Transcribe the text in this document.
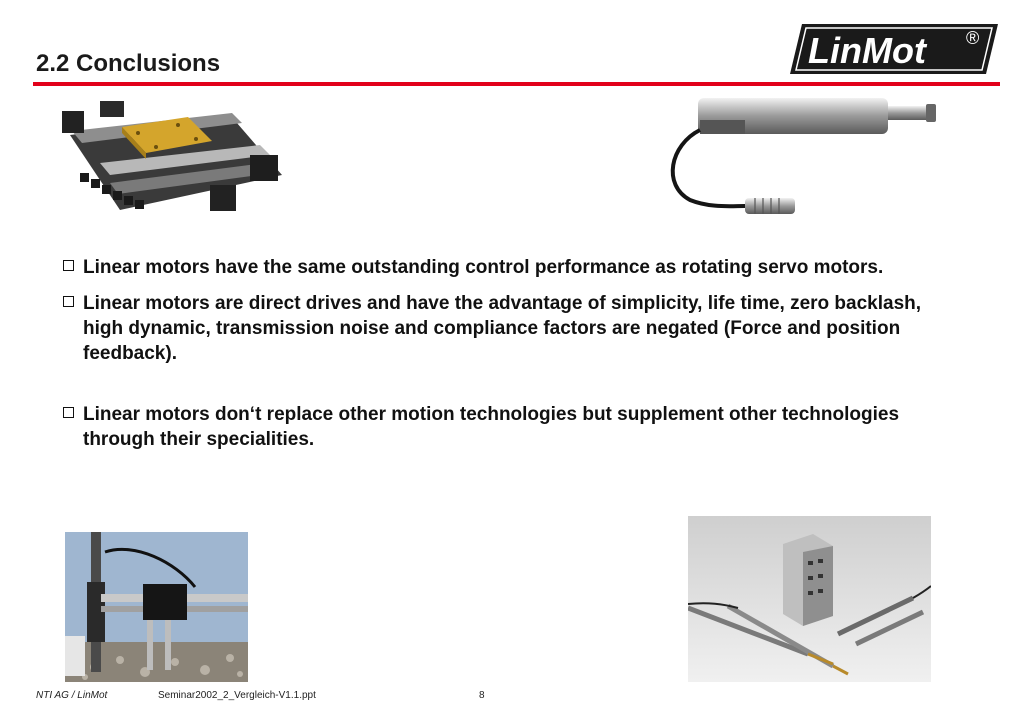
2.2 Conclusions	LinMot ®
Linear motors have the same outstanding control performance as rotating servo motors.
Linear motors are direct drives and have the advantage of simplicity, life time, zero backlash, high dynamic, transmission noise and compliance factors are negated (Force and position feedback).
Linear motors don‘t replace other motion technologies but supplement other technologies through their specialities.
NTI AG / LinMot	Seminar2002_2_Vergleich-V1.1.ppt	8
